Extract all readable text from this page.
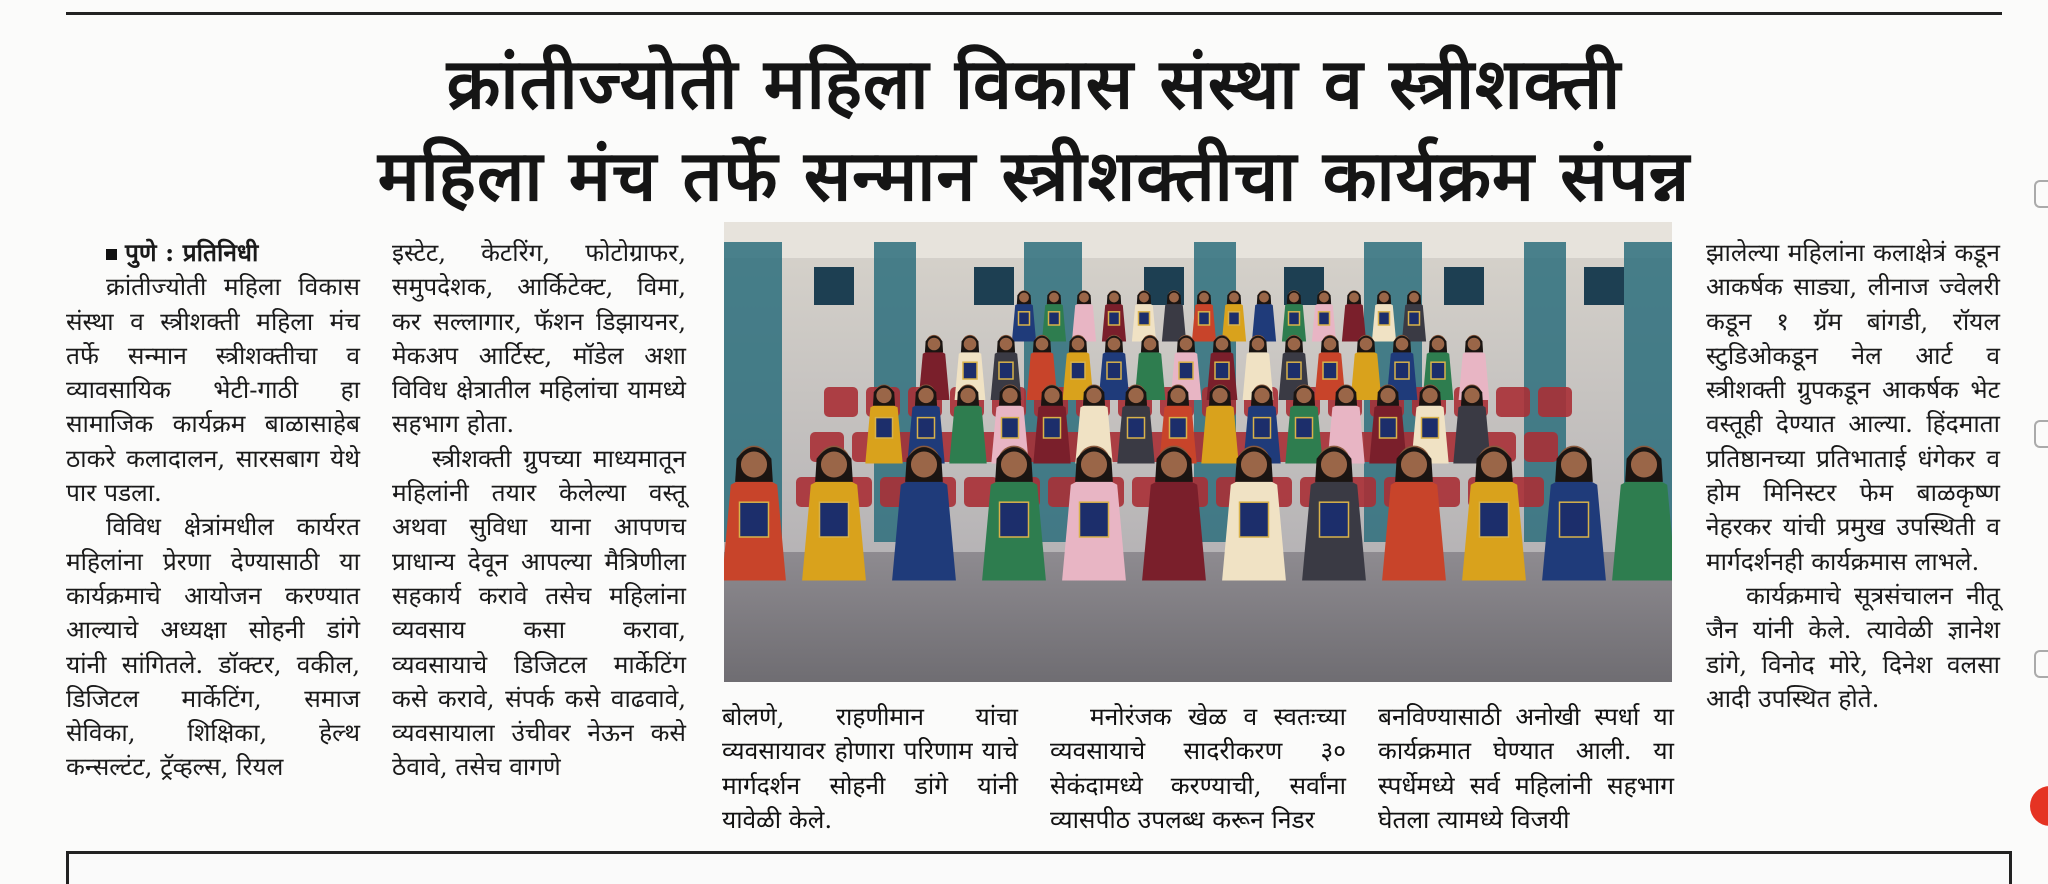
क्रांतीज्योती महिला विकास संस्था व स्त्रीशक्ती
महिला मंच तर्फे सन्मान स्त्रीशक्तीचा कार्यक्रम संपन्न

पुणे : प्रतिनिधी

क्रांतीज्योती महिला विकास संस्था व स्त्रीशक्ती महिला मंच तर्फे सन्मान स्त्रीशक्तीचा व व्यावसायिक भेटी-गाठी हा सामाजिक कार्यक्रम बाळासाहेब ठाकरे कलादालन, सारसबाग येथे पार पडला.

विविध क्षेत्रांमधील कार्यरत महिलांना प्रेरणा देण्यासाठी या कार्यक्रमाचे आयोजन करण्यात आल्याचे अध्यक्षा सोहनी डांगे यांनी सांगितले. डॉक्टर, वकील, डिजिटल मार्केटिंग, समाज सेविका, शिक्षिका, हेल्थ कन्सल्टंट, ट्रॅव्हल्स, रियल

इस्टेट, केटरिंग, फोटोग्राफर, समुपदेशक, आर्किटेक्ट, विमा, कर सल्लागार, फॅशन डिझायनर, मेकअप आर्टिस्ट, मॉडेल अशा विविध क्षेत्रातील महिलांचा यामध्ये सहभाग होता.

स्त्रीशक्ती ग्रुपच्या माध्यमातून महिलांनी तयार केलेल्या वस्तू अथवा सुविधा याना आपणच प्राधान्य देवून आपल्या मैत्रिणीला सहकार्य करावे तसेच महिलांना व्यवसाय कसा करावा, व्यवसायाचे डिजिटल मार्केटिंग कसे करावे, संपर्क कसे वाढवावे, व्यवसायाला उंचीवर नेऊन कसे ठेवावे, तसेच वागणे

बोलणे, राहणीमान यांचा व्यवसायावर होणारा परिणाम याचे मार्गदर्शन सोहनी डांगे यांनी यावेळी केले.

मनोरंजक खेळ व स्वतःच्या व्यवसायाचे सादरीकरण ३० सेकंदामध्ये करण्याची, सर्वांना व्यासपीठ उपलब्ध करून निडर

बनविण्यासाठी अनोखी स्पर्धा या कार्यक्रमात घेण्यात आली. या स्पर्धेमध्ये सर्व महिलांनी सहभाग घेतला त्यामध्ये विजयी

झालेल्या महिलांना कलाक्षेत्रं कडून आकर्षक साड्या, लीनाज ज्वेलरी कडून १ ग्रॅम बांगडी, रॉयल स्टुडिओकडून नेल आर्ट व स्त्रीशक्ती ग्रुपकडून आकर्षक भेट वस्तूही देण्यात आल्या. हिंदमाता प्रतिष्ठानच्या प्रतिभाताई धंगेकर व होम मिनिस्टर फेम बाळकृष्ण नेहरकर यांची प्रमुख उपस्थिती व मार्गदर्शनही कार्यक्रमास लाभले.

कार्यक्रमाचे सूत्रसंचालन नीतू जैन यांनी केले. त्यावेळी ज्ञानेश डांगे, विनोद मोरे, दिनेश वलसा आदी उपस्थित होते.
